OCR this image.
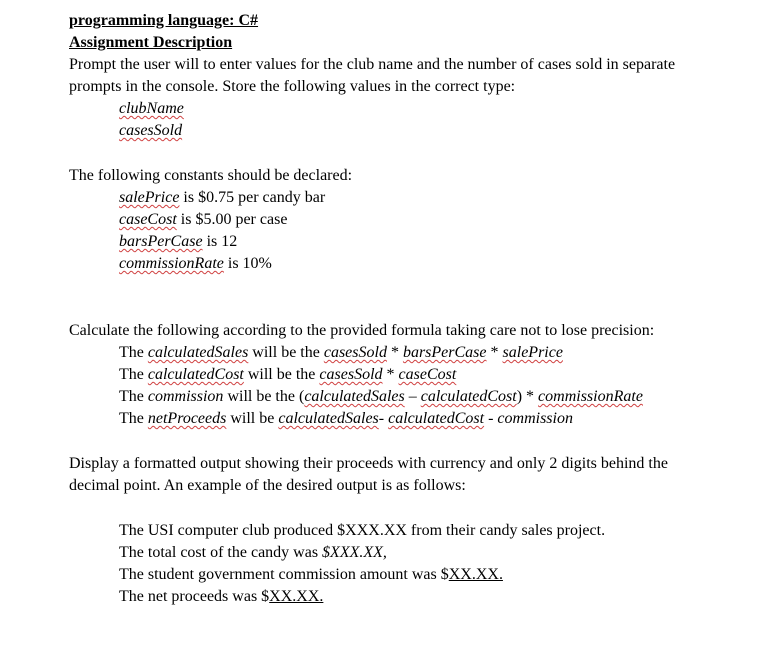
programming language: C#
Assignment Description
Prompt the user will to enter values for the club name and the number of cases sold in separate
prompts in the console. Store the following values in the correct type:
clubName
casesSold
The following constants should be declared:
salePrice is $0.75 per candy bar
caseCost is $5.00 per case
barsPerCase is 12
commissionRate is 10%
Calculate the following according to the provided formula taking care not to lose precision:
The calculatedSales will be the casesSold * barsPerCase * salePrice
The calculatedCost will be the casesSold * caseCost
The commission will be the (calculatedSales – calculatedCost) * commissionRate
The netProceeds will be calculatedSales- calculatedCost - commission
Display a formatted output showing their proceeds with currency and only 2 digits behind the
decimal point. An example of the desired output is as follows:
The USI computer club produced $XXX.XX from their candy sales project.
The total cost of the candy was $XXX.XX,
The student government commission amount was $XX.XX.
The net proceeds was $XX.XX.
